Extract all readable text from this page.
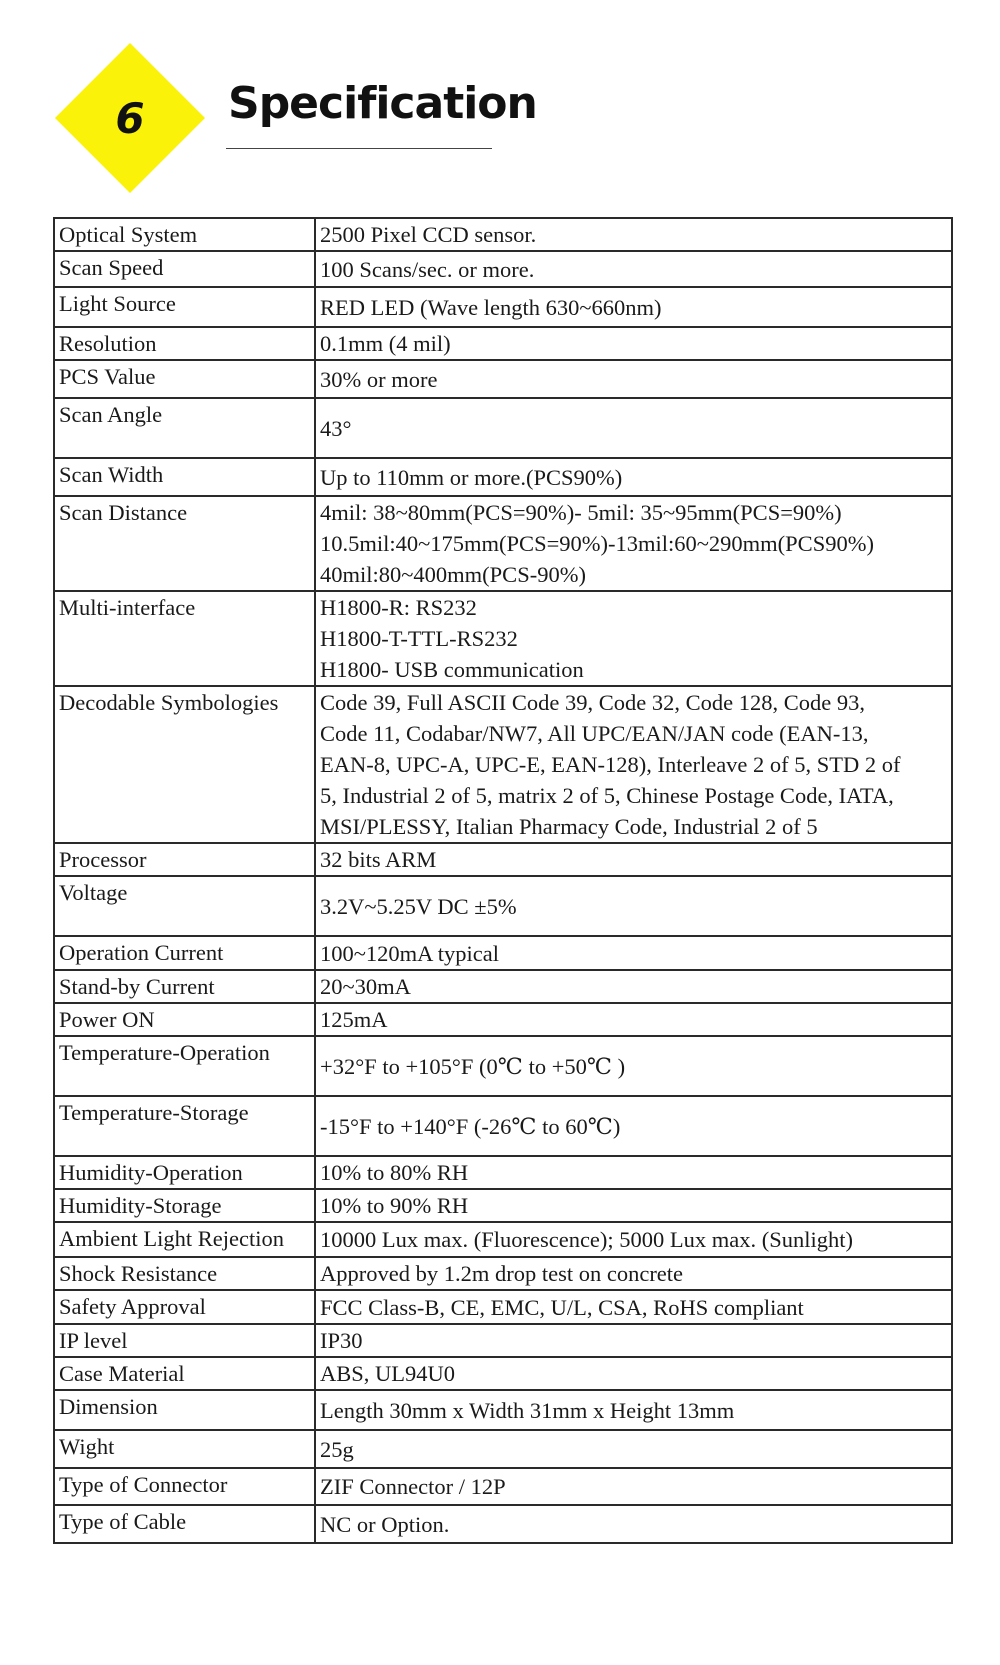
6	Specification
Optical System	2500 Pixel CCD sensor.

Scan Speed	100 Scans/sec. or more.

Light Source	RED LED (Wave length 630~660nm)

Resolution	0.1mm (4 mil)

PCS Value	30% or more

Scan Angle	43°

Scan Width	Up to 110mm or more.(PCS90%)

Scan Distance	4mil: 38~80mm(PCS=90%)- 5mil: 35~95mm(PCS=90%)
10.5mil:40~175mm(PCS=90%)-13mil:60~290mm(PCS90%)
40mil:80~400mm(PCS-90%)

Multi-interface	H1800-R: RS232
H1800-T-TTL-RS232
H1800- USB communication

Decodable Symbologies	Code 39, Full ASCII Code 39, Code 32, Code 128, Code 93,
Code 11, Codabar/NW7, All UPC/EAN/JAN code (EAN-13,
EAN-8, UPC-A, UPC-E, EAN-128), Interleave 2 of 5, STD 2 of
5, Industrial 2 of 5, matrix 2 of 5, Chinese Postage Code, IATA,
MSI/PLESSY, Italian Pharmacy Code, Industrial 2 of 5

Processor	32 bits ARM

Voltage	3.2V~5.25V DC ±5%

Operation Current	100~120mA typical

Stand-by Current	20~30mA

Power ON	125mA

Temperature-Operation	+32°F to +105°F (0℃ to +50℃ )

Temperature-Storage	-15°F to +140°F (-26℃ to 60℃)

Humidity-Operation	10% to 80% RH

Humidity-Storage	10% to 90% RH

Ambient Light Rejection	10000 Lux max. (Fluorescence); 5000 Lux max. (Sunlight)

Shock Resistance	Approved by 1.2m drop test on concrete

Safety Approval	FCC Class-B, CE, EMC, U/L, CSA, RoHS compliant

IP level	IP30

Case Material	ABS, UL94U0

Dimension	Length 30mm x Width 31mm x Height 13mm

Wight	25g

Type of Connector	ZIF Connector / 12P

Type of Cable	NC or Option.
